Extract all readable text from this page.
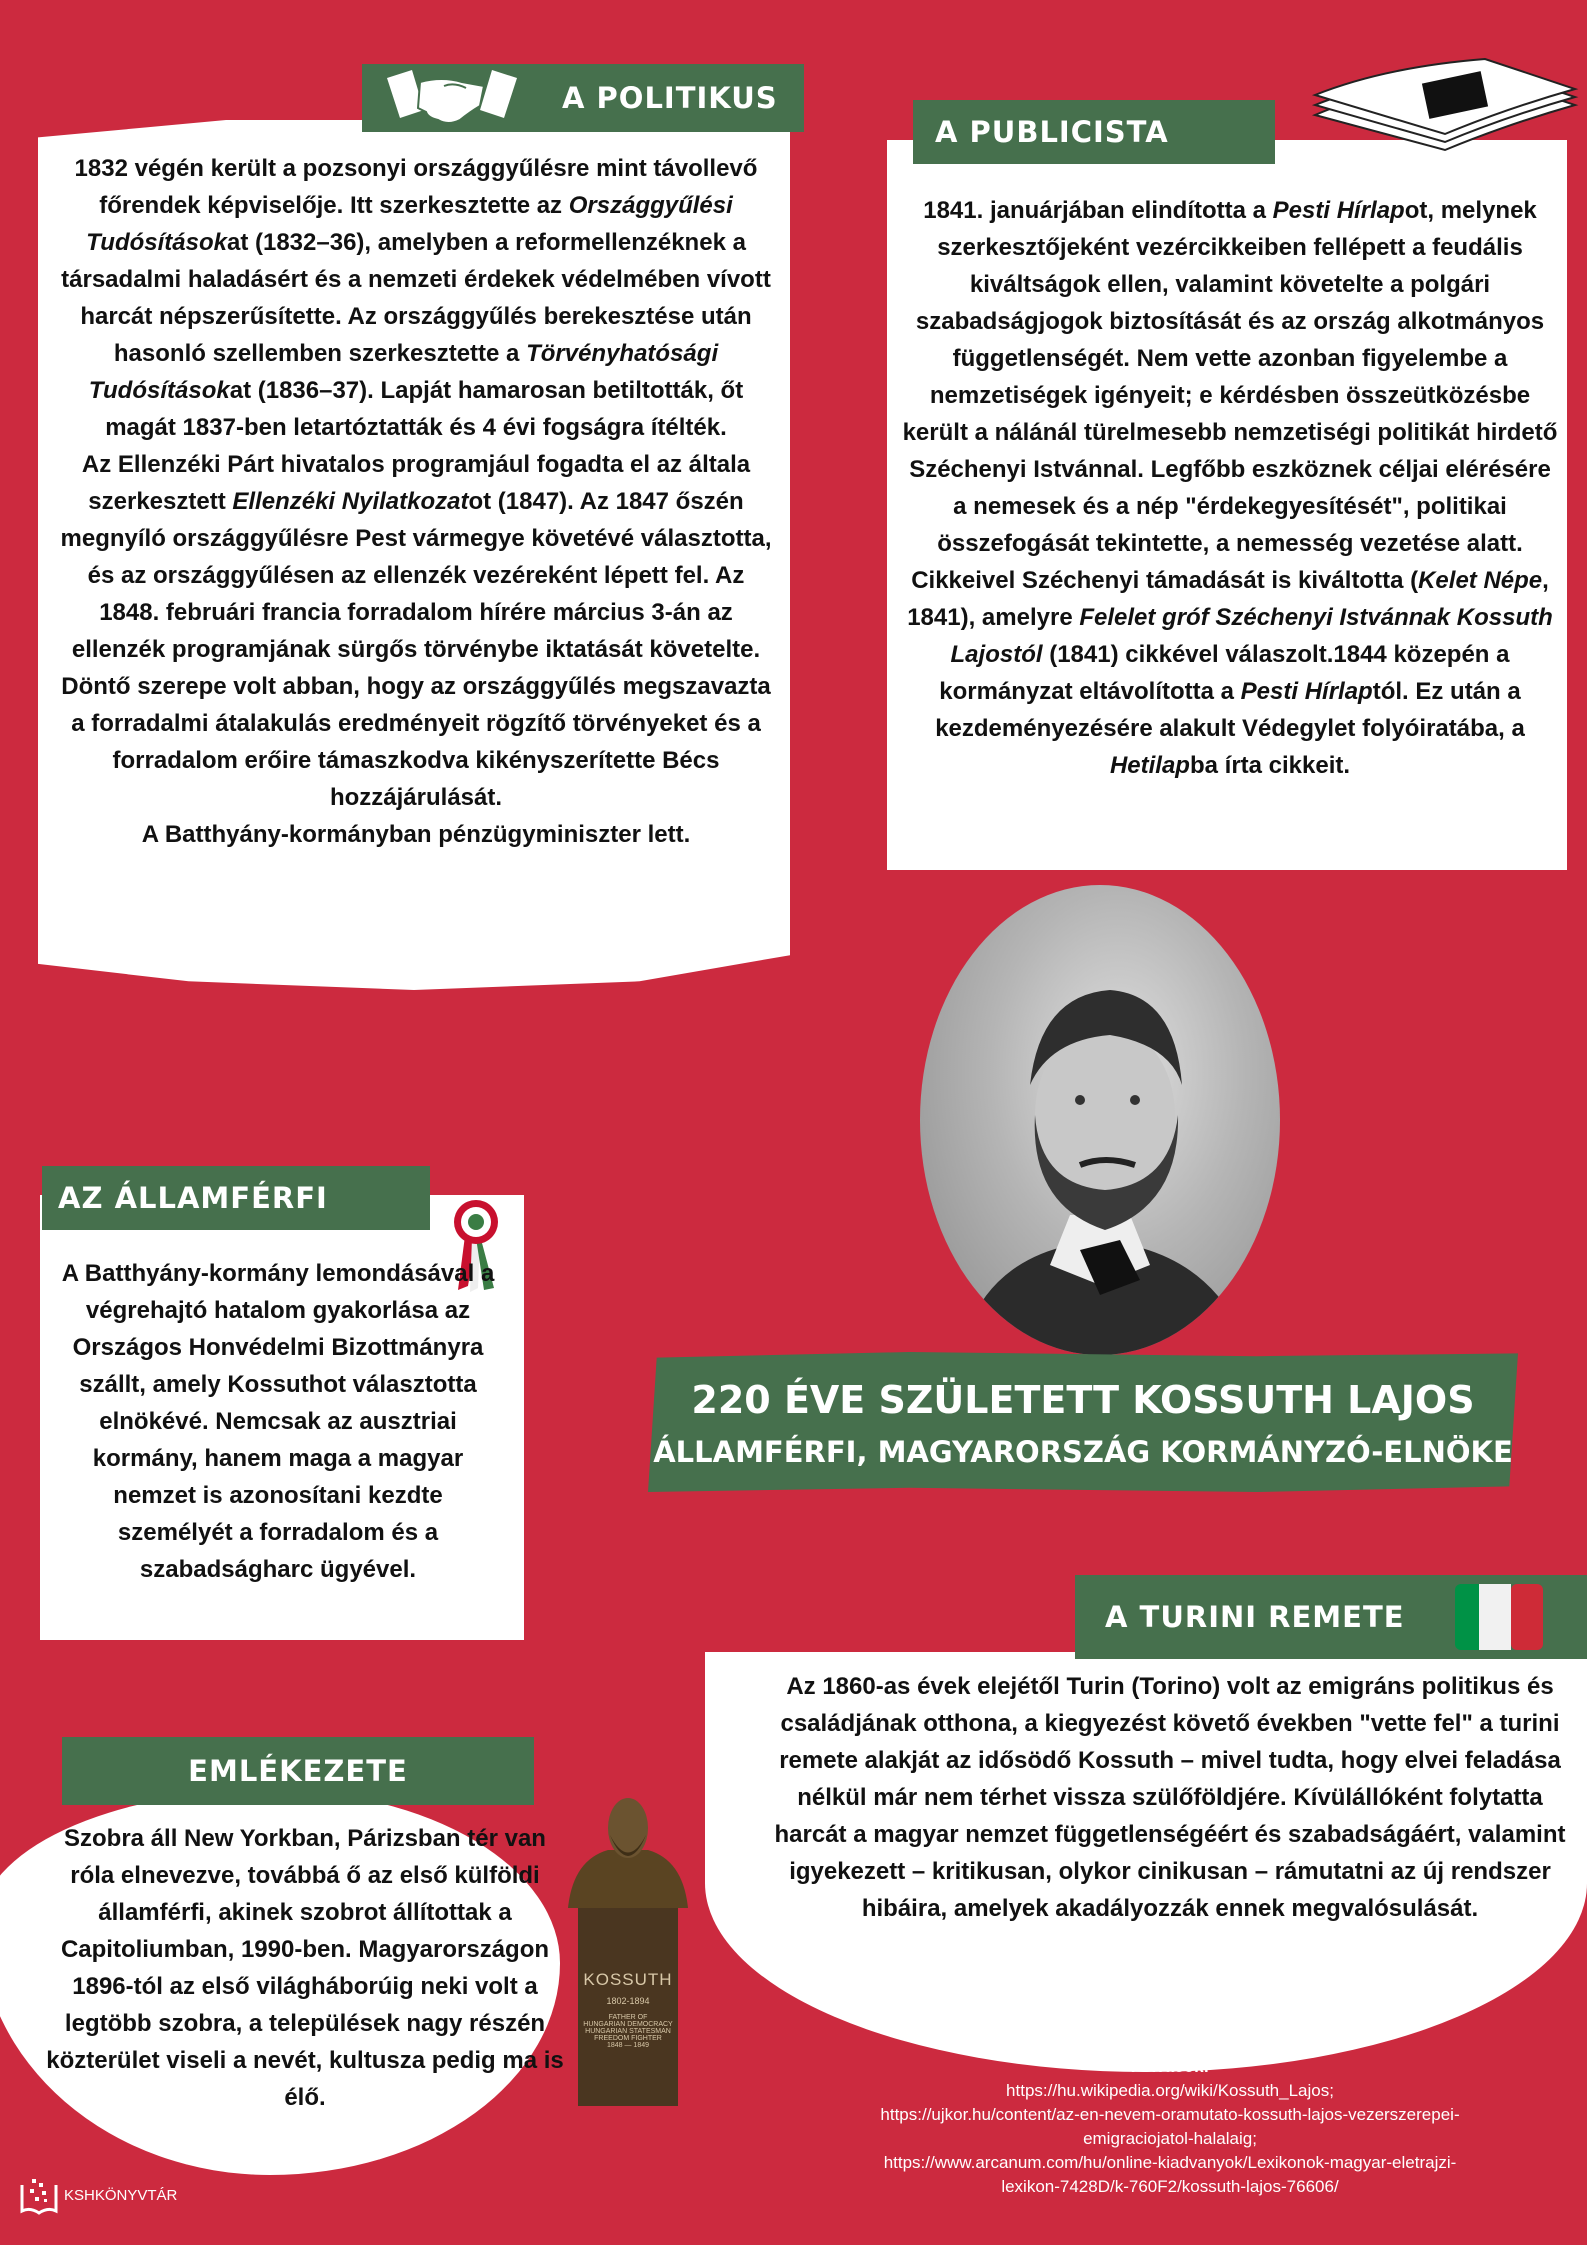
A POLITIKUS

1832 végén került a pozsonyi országgyűlésre mint távollevő főrendek képviselője. Itt szerkesztette az Országgyűlési Tudósításokat (1832–36), amelyben a reformellenzéknek a társadalmi haladásért és a nemzeti érdekek védelmében vívott harcát népszerűsítette. Az országgyűlés berekesztése után hasonló szellemben szerkesztette a Törvényhatósági Tudósításokat (1836–37). Lapját hamarosan betiltották, őt magát 1837-ben letartóztatták és 4 évi fogságra ítélték.

Az Ellenzéki Párt hivatalos programjául fogadta el az általa szerkesztett Ellenzéki Nyilatkozatot (1847). Az 1847 őszén megnyíló országgyűlésre Pest vármegye követévé választotta, és az országgyűlésen az ellenzék vezéreként lépett fel. Az 1848. februári francia forradalom hírére március 3-án az ellenzék programjának sürgős törvénybe iktatását követelte. Döntő szerepe volt abban, hogy az országgyűlés megszavazta a forradalmi átalakulás eredményeit rögzítő törvényeket és a forradalom erőire támaszkodva kikényszerítette Bécs hozzájárulását.

A Batthyány-kormányban pénzügyminiszter lett.

A PUBLICISTA

1841. januárjában elindította a Pesti Hírlapot, melynek szerkesztőjeként vezércikkeiben fellépett a feudális kiváltságok ellen, valamint követelte a polgári szabadságjogok biztosítását és az ország alkotmányos függetlenségét. Nem vette azonban figyelembe a nemzetiségek igényeit; e kérdésben összeütközésbe került a nálánál türelmesebb nemzetiségi politikát hirdető Széchenyi Istvánnal. Legfőbb eszköznek céljai elérésére a nemesek és a nép "érdekegyesítését", politikai összefogását tekintette, a nemesség vezetése alatt. Cikkeivel Széchenyi támadását is kiváltotta (Kelet Népe, 1841), amelyre Felelet gróf Széchenyi Istvánnak Kossuth Lajostól (1841) cikkével válaszolt.1844 közepén a kormányzat eltávolította a Pesti Hírlaptól. Ez után a kezdeményezésére alakult Védegylet folyóiratába, a Hetilapba írta cikkeit.

220 ÉVE SZÜLETETT KOSSUTH LAJOS
ÁLLAMFÉRFI, MAGYARORSZÁG KORMÁNYZÓ-ELNÖKE
AZ ÁLLAMFÉRFI
A Batthyány-kormány lemondásával a végrehajtó hatalom gyakorlása az Országos Honvédelmi Bizottmányra szállt, amely Kossuthot választotta elnökévé. Nemcsak az ausztriai kormány, hanem maga a magyar nemzet is azonosítani kezdte személyét a forradalom és a szabadságharc ügyével.
A TURINI REMETE
Az 1860-as évek elejétől Turin (Torino) volt az emigráns politikus és családjának otthona, a kiegyezést követő években "vette fel" a turini remete alakját az idősödő Kossuth – mivel tudta, hogy elvei feladása nélkül már nem térhet vissza szülőföldjére. Kívülállóként folytatta harcát a magyar nemzet függetlenségéért és szabadságáért, valamint igyekezett – kritikusan, olykor cinikusan – rámutatni az új rendszer hibáira, amelyek akadályozzák ennek megvalósulását.
EMLÉKEZETE
Szobra áll New Yorkban, Párizsban tér van róla elnevezve, továbbá ő az első külföldi államférfi, akinek szobrot állítottak a Capitoliumban, 1990-ben. Magyarországon 1896-tól az első világháborúig neki volt a legtöbb szobra, a települések nagy részén közterület viseli a nevét, kultusza pedig ma is élő.
KOSSUTH
1802-1894
FATHER OF
HUNGARIAN DEMOCRACY
HUNGARIAN STATESMAN
FREEDOM FIGHTER
1848 — 1849
Források:
https://hu.wikipedia.org/wiki/Kossuth_Lajos;
https://ujkor.hu/content/az-en-nevem-oramutato-kossuth-lajos-vezerszerepei-
emigraciojatol-halalaig;
https://www.arcanum.com/hu/online-kiadvanyok/Lexikonok-magyar-eletrajzi-
lexikon-7428D/k-760F2/kossuth-lajos-76606/
KSHKÖNYVTÁR
